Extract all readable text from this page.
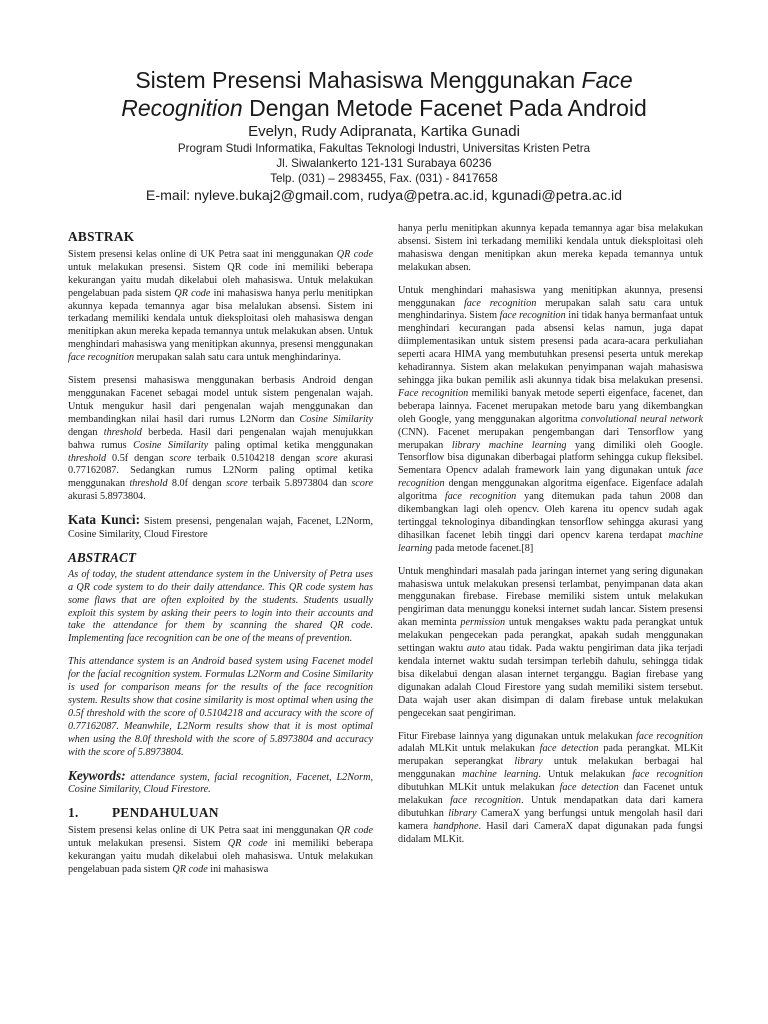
Sistem Presensi Mahasiswa Menggunakan Face
Recognition Dengan Metode Facenet Pada Android
Evelyn, Rudy Adipranata, Kartika Gunadi
Program Studi Informatika, Fakultas Teknologi Industri, Universitas Kristen Petra
Jl. Siwalankerto 121-131 Surabaya 60236
Telp. (031) – 2983455, Fax. (031) - 8417658
E-mail: nyleve.bukaj2@gmail.com, rudya@petra.ac.id, kgunadi@petra.ac.id
ABSTRAK

Sistem presensi kelas online di UK Petra saat ini menggunakan QR code untuk melakukan presensi. Sistem QR code ini memiliki beberapa kekurangan yaitu mudah dikelabui oleh mahasiswa. Untuk melakukan pengelabuan pada sistem QR code ini mahasiswa hanya perlu menitipkan akunnya kepada temannya agar bisa melalukan absensi. Sistem ini terkadang memiliki kendala untuk dieksploitasi oleh mahasiswa dengan menitipkan akun mereka kepada temannya untuk melakukan absen. Untuk menghindari mahasiswa yang menitipkan akunnya, presensi menggunakan face recognition merupakan salah satu cara untuk menghindarinya.

Sistem presensi mahasiswa menggunakan berbasis Android dengan menggunakan Facenet sebagai model untuk sistem pengenalan wajah. Untuk mengukur hasil dari pengenalan wajah menggunakan dan membandingkan nilai hasil dari rumus L2Norm dan Cosine Similarity dengan threshold berbeda. Hasil dari pengenalan wajah menujukkan bahwa rumus Cosine Similarity paling optimal ketika menggunakan threshold 0.5f dengan score terbaik 0.5104218 dengan score akurasi 0.77162087. Sedangkan rumus L2Norm paling optimal ketika menggunakan threshold 8.0f dengan score terbaik 5.8973804 dan score akurasi 5.8973804.

Kata Kunci: Sistem presensi, pengenalan wajah, Facenet, L2Norm, Cosine Similarity, Cloud Firestore

ABSTRACT

As of today, the student attendance system in the University of Petra uses a QR code system to do their daily attendance. This QR code system has some flaws that are often exploited by the students. Students usually exploit this system by asking their peers to login into their accounts and take the attendance for them by scanning the shared QR code. Implementing face recognition can be one of the means of prevention.

This attendance system is an Android based system using Facenet model for the facial recognition system. Formulas L2Norm and Cosine Similarity is used for comparison means for the results of the face recognition system. Results show that cosine similarity is most optimal when using the 0.5f threshold with the score of 0.5104218 and accuracy with the score of 0.77162087. Meanwhile, L2Norm results show that it is most optimal when using the 8.0f threshold with the score of 5.8973804 and accuracy with the score of 5.8973804.

Keywords: attendance system, facial recognition, Facenet, L2Norm, Cosine Similarity, Cloud Firestore.

1.	PENDAHULUAN

Sistem presensi kelas online di UK Petra saat ini menggunakan QR code untuk melakukan presensi. Sistem QR code ini memiliki beberapa kekurangan yaitu mudah dikelabui oleh mahasiswa. Untuk melakukan pengelabuan pada sistem QR code ini mahasiswa

hanya perlu menitipkan akunnya kepada temannya agar bisa melakukan absensi. Sistem ini terkadang memiliki kendala untuk dieksploitasi oleh mahasiswa dengan menitipkan akun mereka kepada temannya untuk melakukan absen.

Untuk menghindari mahasiswa yang menitipkan akunnya, presensi menggunakan face recognition merupakan salah satu cara untuk menghindarinya. Sistem face recognition ini tidak hanya bermanfaat untuk menghindari kecurangan pada absensi kelas namun, juga dapat diimplementasikan untuk sistem presensi pada acara-acara perkuliahan seperti acara HIMA yang membutuhkan presensi peserta untuk merekap kehadirannya. Sistem akan melakukan penyimpanan wajah mahasiswa sehingga jika bukan pemilik asli akunnya tidak bisa melakukan presensi. Face recognition memiliki banyak metode seperti eigenface, facenet, dan beberapa lainnya. Facenet merupakan metode baru yang dikembangkan oleh Google, yang menggunakan algoritma convolutional neural network (CNN). Facenet merupakan pengembangan dari Tensorflow yang merupakan library machine learning yang dimiliki oleh Google. Tensorflow bisa digunakan diberbagai platform sehingga cukup fleksibel. Sementara Opencv adalah framework lain yang digunakan untuk face recognition dengan menggunakan algoritma eigenface. Eigenface adalah algoritma face recognition yang ditemukan pada tahun 2008 dan dikembangkan lagi oleh opencv. Oleh karena itu opencv sudah agak tertinggal teknologinya dibandingkan tensorflow sehingga akurasi yang dihasilkan facenet lebih tinggi dari opencv karena terdapat machine learning pada metode facenet.[8]

Untuk menghindari masalah pada jaringan internet yang sering digunakan mahasiswa untuk melakukan presensi terlambat, penyimpanan data akan menggunakan firebase. Firebase memiliki sistem untuk melakukan pengiriman data menunggu koneksi internet sudah lancar. Sistem presensi akan meminta permission untuk mengakses waktu pada perangkat untuk melakukan pengecekan pada perangkat, apakah sudah menggunakan settingan waktu auto atau tidak. Pada waktu pengiriman data jika terjadi kendala internet waktu sudah tersimpan terlebih dahulu, sehingga tidak bisa dikelabui dengan alasan internet terganggu. Bagian firebase yang digunakan adalah Cloud Firestore yang sudah memiliki sistem tersebut. Data wajah user akan disimpan di dalam firebase untuk melakukan pengecekan saat pengiriman.

Fitur Firebase lainnya yang digunakan untuk melakukan face recognition adalah MLKit untuk melakukan face detection pada perangkat. MLKit merupakan seperangkat library untuk melakukan berbagai hal menggunakan machine learning. Untuk melakukan face recognition dibutuhkan MLKit untuk melakukan face detection dan Facenet untuk melakukan face recognition. Untuk mendapatkan data dari kamera dibutuhkan library CameraX yang berfungsi untuk mengolah hasil dari kamera handphone. Hasil dari CameraX dapat digunakan pada fungsi didalam MLKit.
